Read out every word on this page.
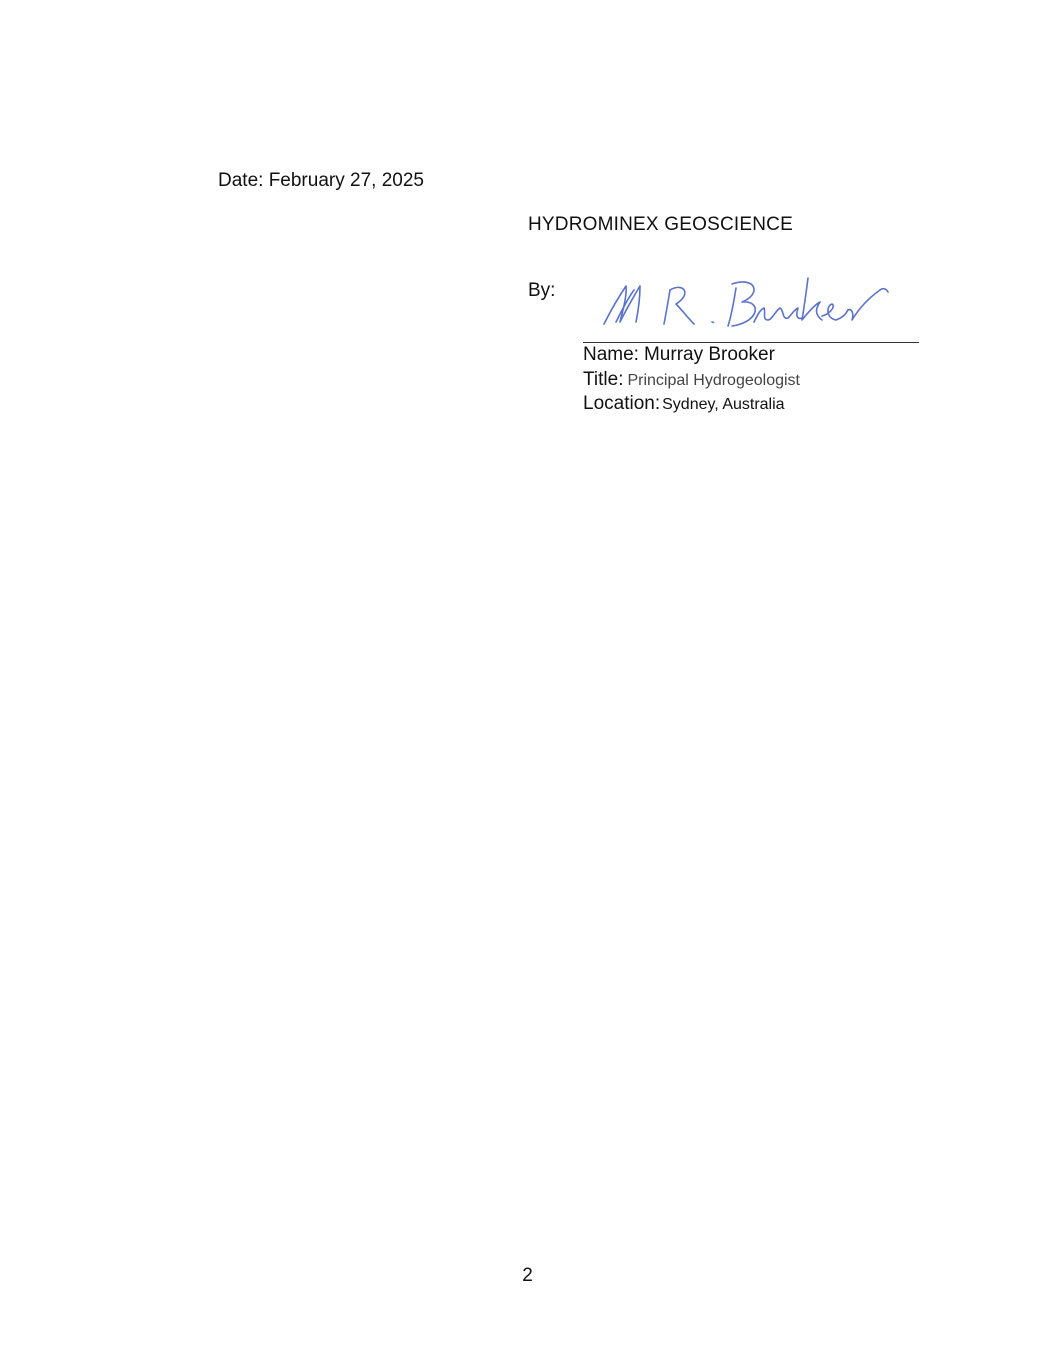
Date: February 27, 2025
HYDROMINEX GEOSCIENCE
By:
Name: Murray Brooker
Title: Principal Hydrogeologist
Location: Sydney, Australia
2
